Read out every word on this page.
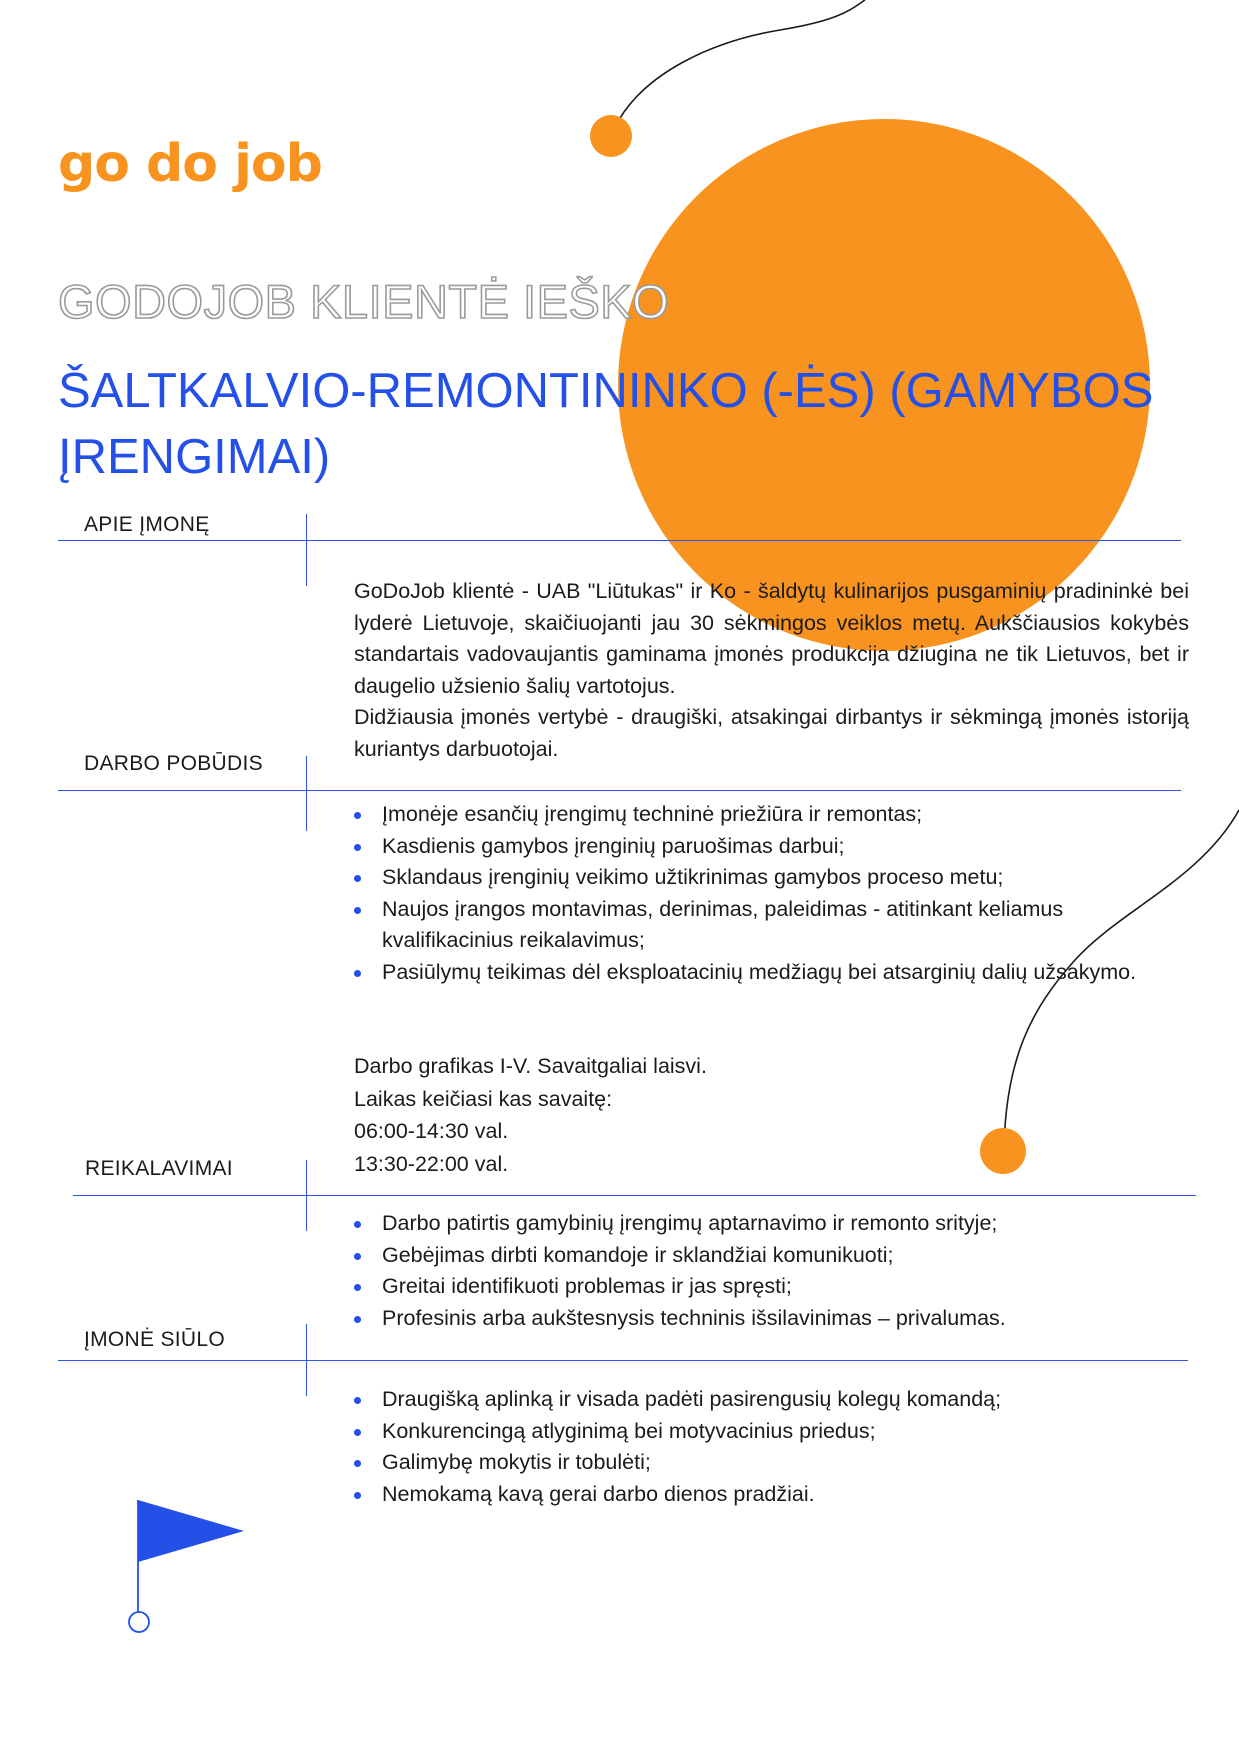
go do job
GODOJOB KLIENTĖ IEŠKO
ŠALTKALVIO-REMONTININKO (-ĖS) (GAMYBOS
ĮRENGIMAI)
APIE ĮMONĘ

GoDoJob klientė - UAB "Liūtukas" ir Ko - šaldytų kulinarijos pusgaminių pradininkė bei lyderė Lietuvoje, skaičiuojanti jau 30 sėkmingos veiklos metų. Aukščiausios kokybės standartais vadovaujantis gaminama įmonės produkcija džiugina ne tik Lietuvos, bet ir daugelio užsienio šalių vartotojus.

Didžiausia įmonės vertybė - draugiški, atsakingai dirbantys ir sėkmingą įmonės istoriją kuriantys darbuotojai.

DARBO POBŪDIS
Įmonėje esančių įrengimų techninė priežiūra ir remontas;
Kasdienis gamybos įrenginių paruošimas darbui;
Sklandaus įrenginių veikimo užtikrinimas gamybos proceso metu;
Naujos įrangos montavimas, derinimas, paleidimas - atitinkant keliamus kvalifikacinius reikalavimus;
Pasiūlymų teikimas dėl eksploatacinių medžiagų bei atsarginių dalių užsakymo.
Darbo grafikas I-V. Savaitgaliai laisvi.
Laikas keičiasi kas savaitę:
06:00-14:30 val.
13:30-22:00 val.
REIKALAVIMAI
Darbo patirtis gamybinių įrengimų aptarnavimo ir remonto srityje;
Gebėjimas dirbti komandoje ir sklandžiai komunikuoti;
Greitai identifikuoti problemas ir jas spręsti;
Profesinis arba aukštesnysis techninis išsilavinimas – privalumas.
ĮMONĖ SIŪLO
Draugišką aplinką ir visada padėti pasirengusių kolegų komandą;
Konkurencingą atlyginimą bei motyvacinius priedus;
Galimybę mokytis ir tobulėti;
Nemokamą kavą gerai darbo dienos pradžiai.
